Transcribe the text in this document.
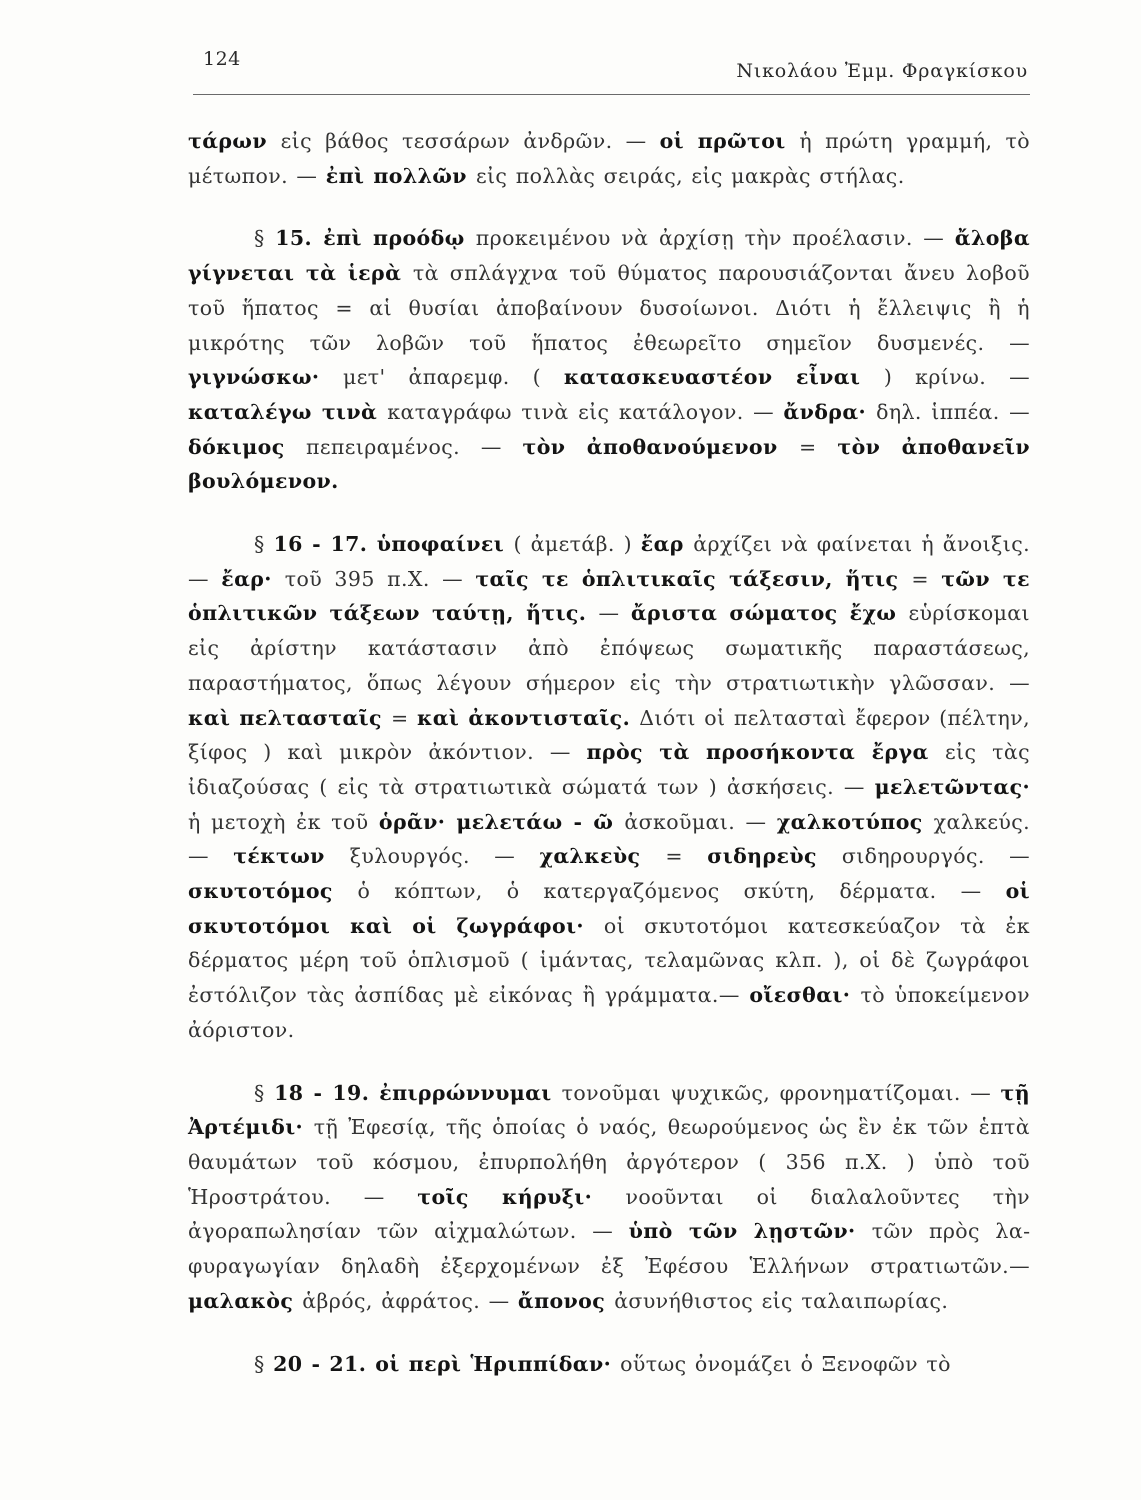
124
Νικολάου Ἐμμ. Φραγκίσκου

τάρων εἰς βάθος τεσσάρων ἀνδρῶν. — οἱ πρῶτοι ἡ πρώτη γραμμή, τὸ μέτωπον. — ἐπὶ πολλῶν εἰς πολλὰς σειράς, εἰς μακρὰς στήλας.

§ 15. ἐπὶ προόδῳ προκειμένου νὰ ἀρχίσῃ τὴν προέλασιν. — ἄλοβα γίγνεται τὰ ἱερὰ τὰ σπλάγχνα τοῦ θύματος παρουσιάζονται ἄνευ λοβοῦ τοῦ ἥπατος = αἱ θυσίαι ἀποβαίνουν δυσοίωνοι. Διότι ἡ ἔλλειψις ἢ ἡ μικρότης τῶν λοβῶν τοῦ ἥπατος ἐθεωρεῖτο σημεῖον δυσμενές. — γιγνώσκω· μετ' ἀπαρεμφ. ( κατασκευαστέον εἶναι ) κρίνω. — καταλέγω τινὰ καταγράφω τινὰ εἰς κατάλογον. — ἄνδρα· δηλ. ἱππέα. — δόκιμος πεπειραμένος. — τὸν ἀποθανούμενον = τὸν ἀποθανεῖν βουλόμενον.

§ 16 - 17. ὑποφαίνει ( ἀμετάβ. ) ἔαρ ἀρχίζει νὰ φαίνεται ἡ ἄνοιξις. — ἔαρ· τοῦ 395 π.Χ. — ταῖς τε ὁπλιτικαῖς τάξεσιν, ἥτις = τῶν τε ὁπλιτικῶν τάξεων ταύτῃ, ἥτις. — ἄριστα σώματος ἔχω εὑρίσκομαι εἰς ἀρίστην κατάστασιν ἀπὸ ἐπόψεως σωματικῆς παραστάσεως, παραστήματος, ὅπως λέγουν σήμερον εἰς τὴν στρατιωτικὴν γλῶσσαν. — καὶ πελτασταῖς = καὶ ἀκοντισταῖς. Διότι οἱ πελτασταὶ ἔφερον (πέλτην, ξίφος ) καὶ μικρὸν ἀκόντιον. — πρὸς τὰ προσήκοντα ἔργα εἰς τὰς ἰδιαζούσας ( εἰς τὰ στρατιωτικὰ σώματά των ) ἀσκήσεις. — μελετῶντας· ἡ μετοχὴ ἐκ τοῦ ὁρᾶν· μελετάω - ῶ ἀσκοῦμαι. — χαλκοτύπος χαλκεύς. — τέκτων ξυλουργός. — χαλκεὺς = σιδηρεὺς σιδηρουργός. — σκυτοτόμος ὁ κόπτων, ὁ κατεργαζόμενος σκύτη, δέρματα. — οἱ σκυτοτόμοι καὶ οἱ ζωγράφοι· οἱ σκυτοτόμοι κατεσκεύαζον τὰ ἐκ δέρματος μέρη τοῦ ὁπλισμοῦ ( ἱμάντας, τελαμῶνας κλπ. ), οἱ δὲ ζωγράφοι ἐστόλιζον τὰς ἀσπίδας μὲ εἰκόνας ἢ γράμματα.— οἴεσθαι· τὸ ὑποκείμενον ἀόριστον.

§ 18 - 19. ἐπιρρώννυμαι τονοῦμαι ψυχικῶς, φρονηματίζομαι. — τῇ Ἀρτέμιδι· τῇ Ἐφεσίᾳ, τῆς ὁποίας ὁ ναός, θεωρούμενος ὡς ἓν ἐκ τῶν ἑπτὰ θαυμάτων τοῦ κόσμου, ἐπυρπολήθη ἀργότερον ( 356 π.Χ. ) ὑπὸ τοῦ Ἡροστράτου. — τοῖς κήρυξι· νοοῦνται οἱ διαλαλοῦντες τὴν ἀγοραπωλησίαν τῶν αἰχμαλώτων. — ὑπὸ τῶν λῃστῶν· τῶν πρὸς λαφυραγωγίαν δηλαδὴ ἐξερχομένων ἐξ Ἐφέσου Ἑλλήνων στρατιωτῶν.— μαλακὸς ἁβρός, ἀφράτος. — ἄπονος ἀσυνήθιστος εἰς ταλαιπωρίας.

§ 20 - 21. οἱ περὶ Ἡριππίδαν· οὕτως ὀνομάζει ὁ Ξενοφῶν τὸ
